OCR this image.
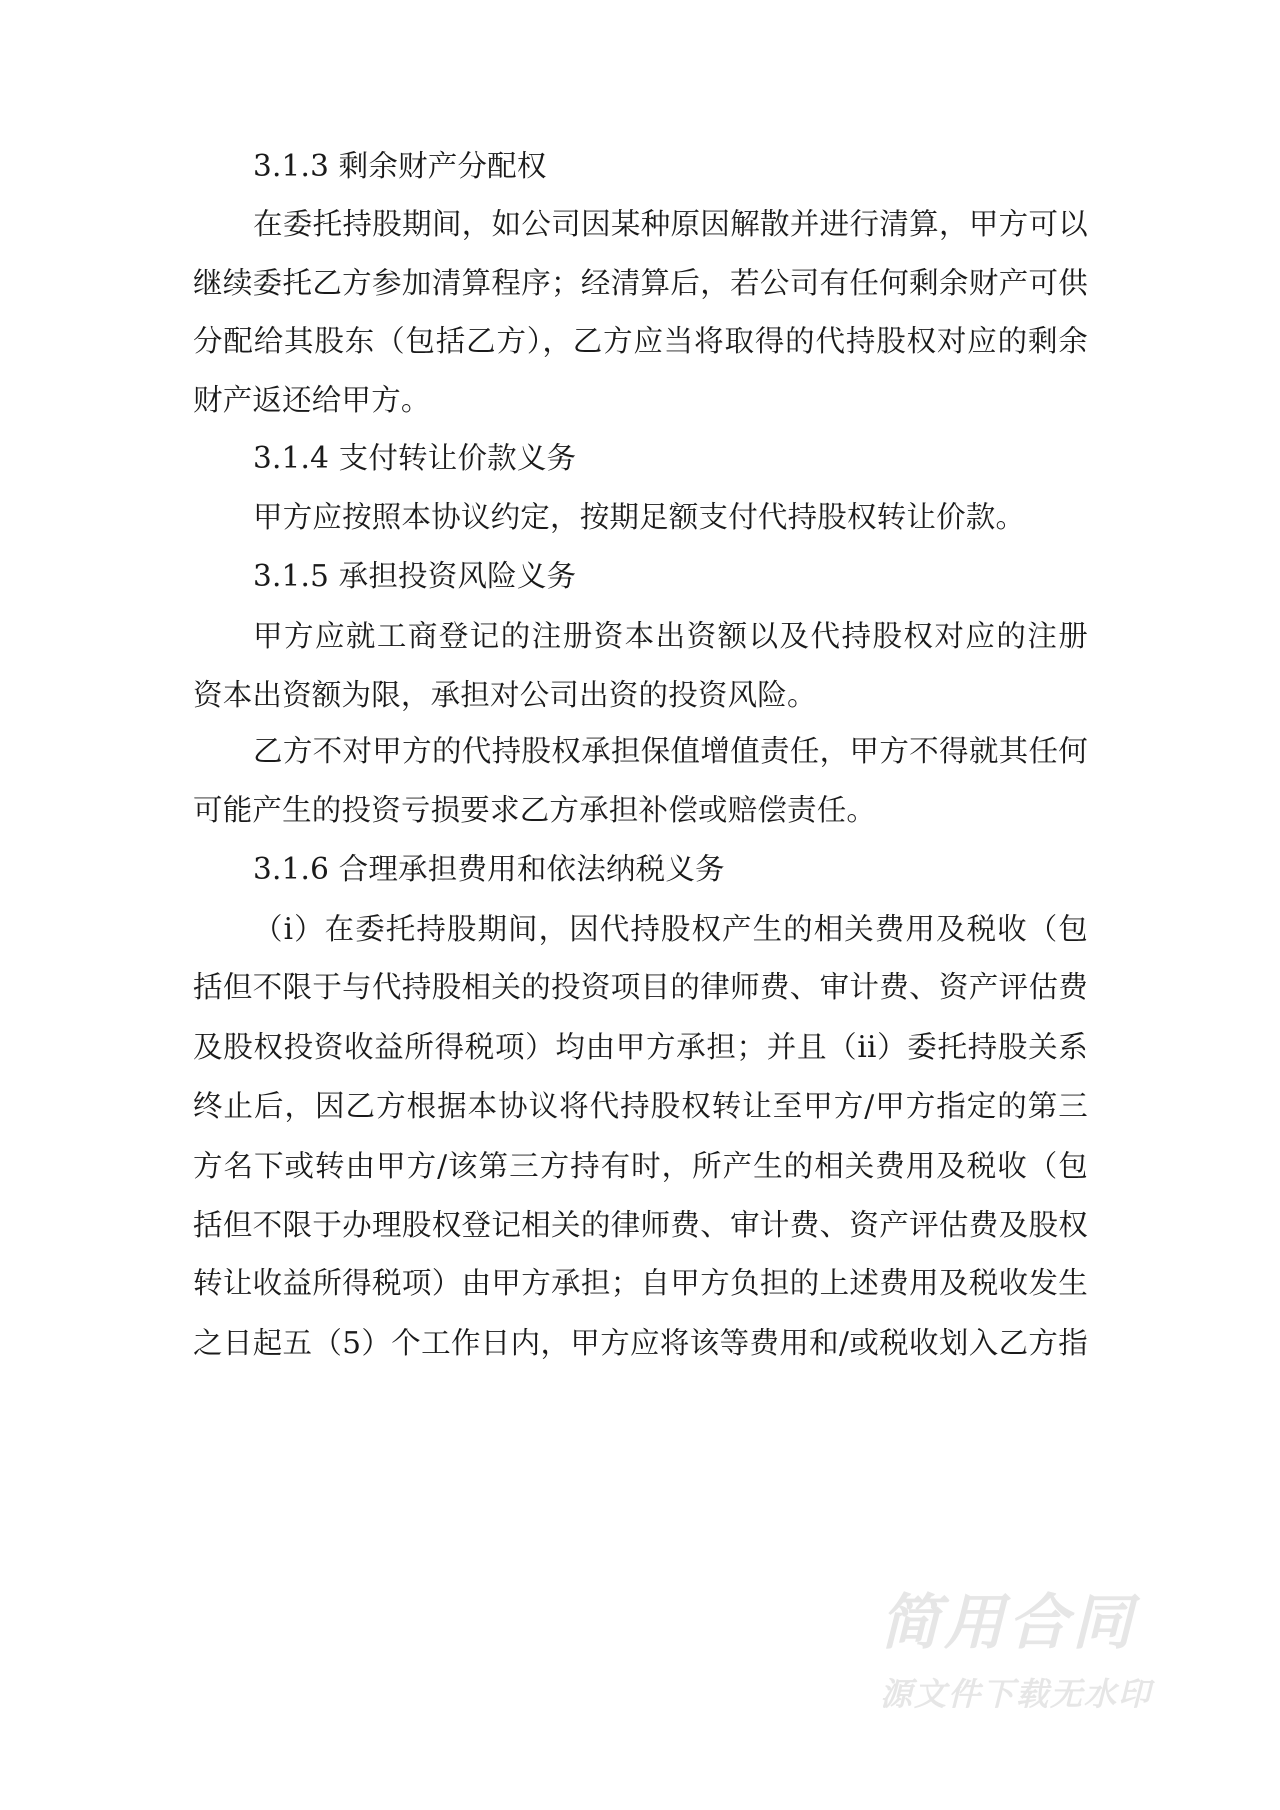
3.1.3 剩余财产分配权
在委托持股期间，如公司因某种原因解散并进行清算，甲方可以
继续委托乙方参加清算程序；经清算后，若公司有任何剩余财产可供
分配给其股东（包括乙方），乙方应当将取得的代持股权对应的剩余
财产返还给甲方。
3.1.4 支付转让价款义务
甲方应按照本协议约定，按期足额支付代持股权转让价款。
3.1.5 承担投资风险义务
甲方应就工商登记的注册资本出资额以及代持股权对应的注册
资本出资额为限，承担对公司出资的投资风险。
乙方不对甲方的代持股权承担保值增值责任，甲方不得就其任何
可能产生的投资亏损要求乙方承担补偿或赔偿责任。
3.1.6 合理承担费用和依法纳税义务
（i）在委托持股期间，因代持股权产生的相关费用及税收（包
括但不限于与代持股相关的投资项目的律师费、审计费、资产评估费
及股权投资收益所得税项）均由甲方承担；并且（ii）委托持股关系
终止后，因乙方根据本协议将代持股权转让至甲方/甲方指定的第三
方名下或转由甲方/该第三方持有时，所产生的相关费用及税收（包
括但不限于办理股权登记相关的律师费、审计费、资产评估费及股权
转让收益所得税项）由甲方承担；自甲方负担的上述费用及税收发生
之日起五（5）个工作日内，甲方应将该等费用和/或税收划入乙方指
简用合同
源文件下载无水印
